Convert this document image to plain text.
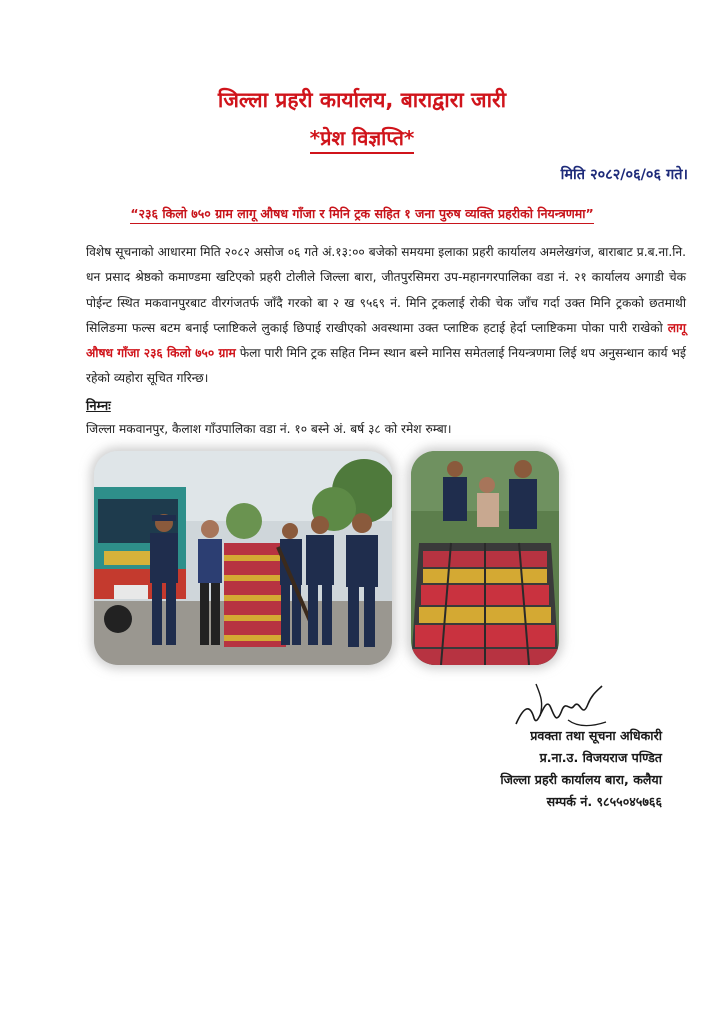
जिल्ला प्रहरी कार्यालय, बाराद्वारा जारी
*प्रेश विज्ञप्ति*
मिति २०८२/०६/०६ गते।
“२३६ किलो ७५० ग्राम लागू औषध गाँजा र मिनि ट्रक सहित १ जना पुरुष व्यक्ति प्रहरीको नियन्त्रणमा”
विशेष सूचनाको आधारमा मिति २०८२ असोज ०६ गते अं.१३:०० बजेको समयमा इलाका प्रहरी कार्यालय अमलेखगंज, बाराबाट प्र.ब.ना.नि. धन प्रसाद श्रेष्ठको कमाण्डमा खटिएको प्रहरी टोलीले जिल्ला बारा, जीतपुरसिमरा उप-महानगरपालिका वडा नं. २१ कार्यालय अगाडी चेक पोईन्ट स्थित मकवानपुरबाट वीरगंजतर्फ जाँदै गरको बा २ ख ९५६९ नं. मिनि ट्रकलाई रोकी चेक जाँच गर्दा उक्त मिनि ट्रकको छतमाथी सिलिङमा फल्स बटम बनाई प्लाष्टिकले लुकाई छिपाई राखीएको अवस्थामा उक्त प्लाष्टिक हटाई हेर्दा प्लाष्टिकमा पोका पारी राखेको लागू औषध गाँजा २३६ किलो ७५० ग्राम फेला पारी मिनि ट्रक सहित निम्न स्थान बस्ने मानिस समेतलाई नियन्त्रणमा लिई थप अनुसन्धान कार्य भई रहेको व्यहोरा सूचित गरिन्छ।
निम्नः
जिल्ला मकवानपुर, कैलाश गाँउपालिका वडा नं. १० बस्ने अं. बर्ष ३८ को रमेश रुम्बा।
प्रवक्ता तथा सूचना अधिकारी
प्र.ना.उ. विजयराज पण्डित
जिल्ला प्रहरी कार्यालय बारा, कलैया
सम्पर्क नं. ९८५५०४५७६६
